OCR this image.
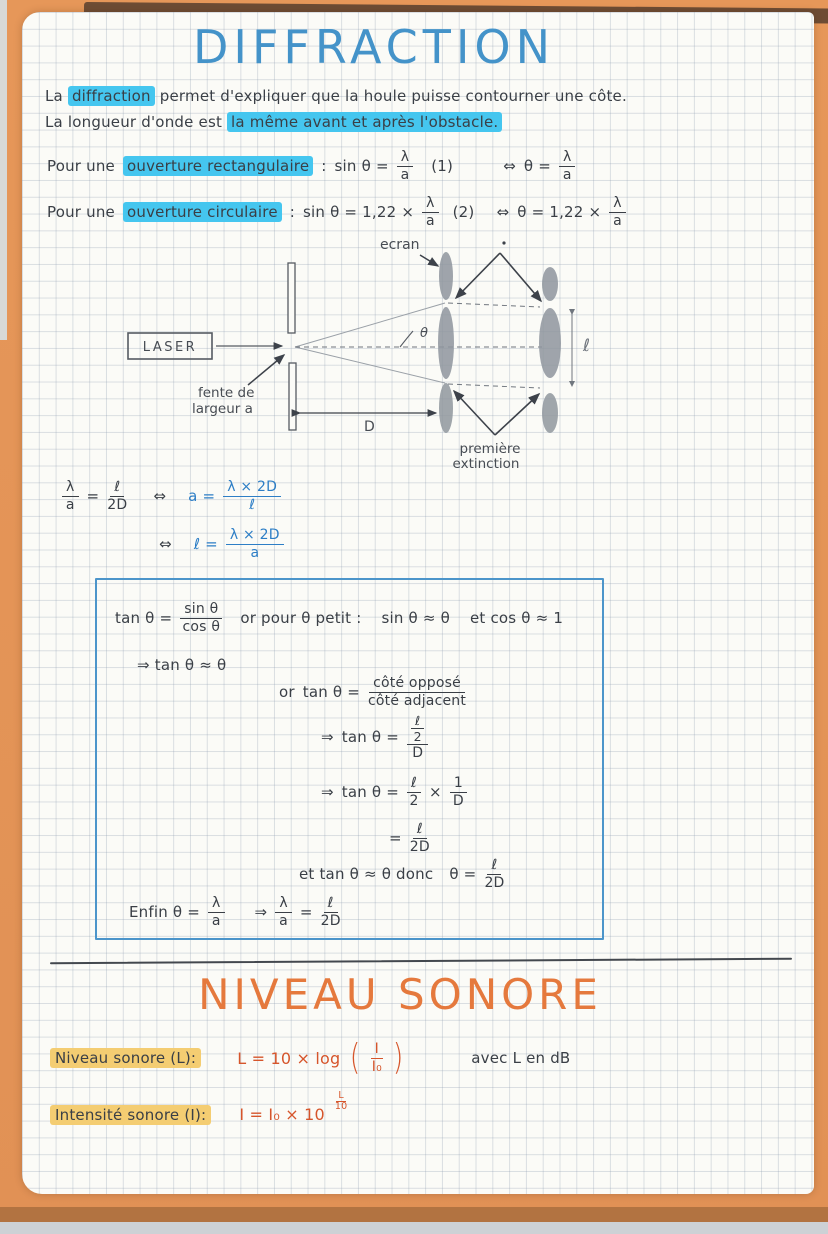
DIFFRACTION
La diffraction permet d'expliquer que la houle puisse contourner une côte.
La longueur d'onde est la même avant et après l'obstacle.
Pour une ouverture rectangulaire : $\sin \theta = \frac{\lambda}{a} (1)$	⇔ $\theta = \frac{\lambda}{a}$
Pour une ouverture circulaire : $\sin \theta = 1,22 \times \frac{\lambda}{a} (2)$ ⇔ $\theta = 1,22 \times \frac{\lambda}{a}$
LASER
θ
ecran
ℓ
première
extinction
fente de
largeur a
D
$\frac{\lambda}{a} = \frac{\text{ℓ}}{2D}$ ⇔ $a = \frac{\lambda \times 2D}{\text{ℓ}}$
⇔ ℓ = $\frac{\lambda \times 2D}{a}$
$\tan \theta = \frac{\text{sin θ}}{\text{cos θ}}$ or pour θ petit : sin θ ≈ θ et cos θ ≈ 1
⇒ tan θ ≈ θ
or $\tan \theta = \frac{\text{côté opposé}}{\text{côté adjacent}}$
⇒ $\tan \theta = \frac{\frac{\text{ℓ}}{2}}{D}$
⇒ $\tan \theta = \frac{\text{ℓ}}{2} \times \frac{1}{D}$
= $\frac{\text{ℓ}}{2D}$
et tan θ ≈ θ donc $\theta = \frac{\text{ℓ}}{2D}$
Enfin $\theta = \frac{\lambda}{a}$ ⇒ $\frac{\lambda}{a} = \frac{\text{ℓ}}{2D}$
NIVEAU SONORE
Niveau sonore (L):	L = 10 × log ( $\frac{I}{\text{I₀}}$ )	avec L en dB
Intensité sonore (I):	I = I₀ × 10
$\frac{L}{10}$
